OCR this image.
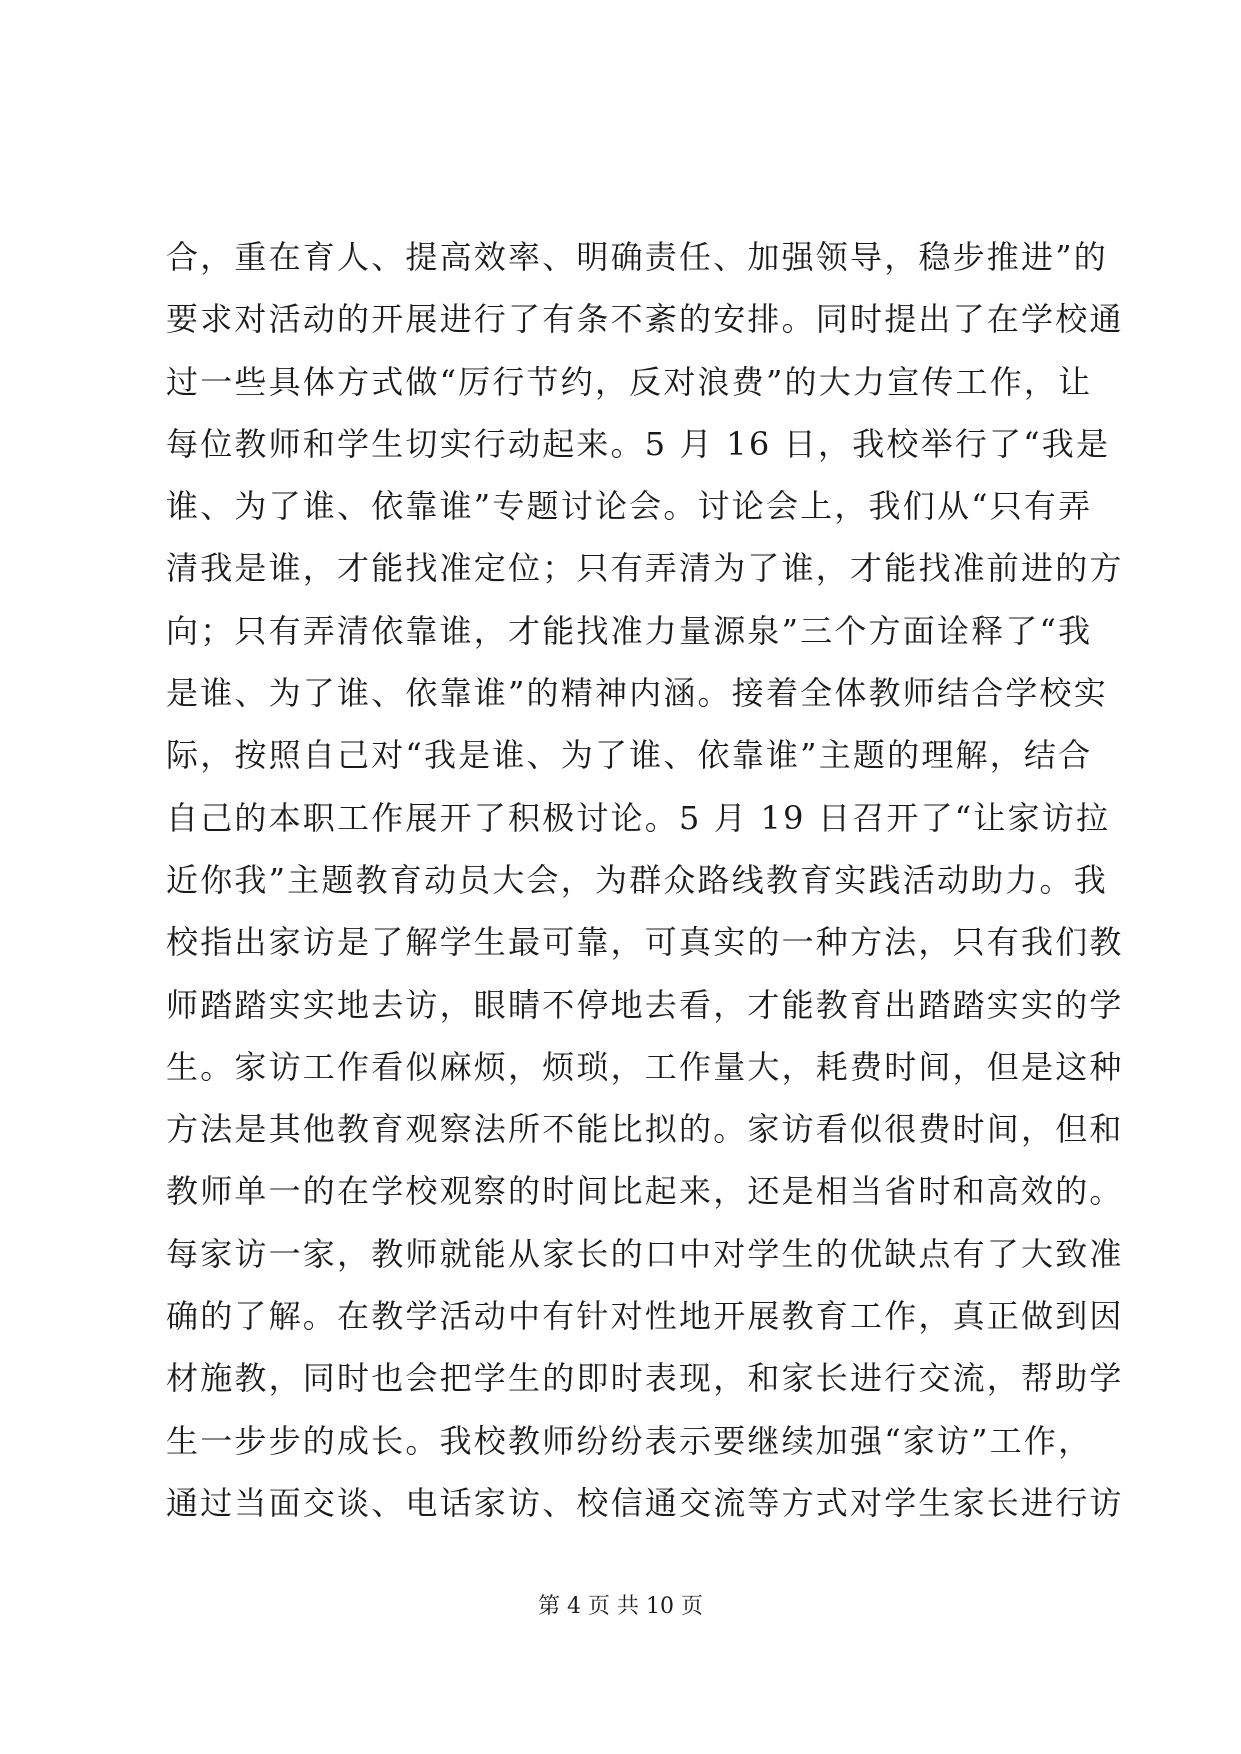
合，重在育人、提高效率、明确责任、加强领导，稳步推进”的
要求对活动的开展进行了有条不紊的安排。同时提出了在学校通
过一些具体方式做“厉行节约，反对浪费”的大力宣传工作，让
每位教师和学生切实行动起来。5 月 16 日，我校举行了“我是
谁、为了谁、依靠谁”专题讨论会。讨论会上，我们从“只有弄
清我是谁，才能找准定位；只有弄清为了谁，才能找准前进的方
向；只有弄清依靠谁，才能找准力量源泉”三个方面诠释了“我
是谁、为了谁、依靠谁”的精神内涵。接着全体教师结合学校实
际，按照自己对“我是谁、为了谁、依靠谁”主题的理解，结合
自己的本职工作展开了积极讨论。5 月 19 日召开了“让家访拉
近你我”主题教育动员大会，为群众路线教育实践活动助力。我
校指出家访是了解学生最可靠，可真实的一种方法，只有我们教
师踏踏实实地去访，眼睛不停地去看，才能教育出踏踏实实的学
生。家访工作看似麻烦，烦琐，工作量大，耗费时间，但是这种
方法是其他教育观察法所不能比拟的。家访看似很费时间，但和
教师单一的在学校观察的时间比起来，还是相当省时和高效的。
每家访一家，教师就能从家长的口中对学生的优缺点有了大致准
确的了解。在教学活动中有针对性地开展教育工作，真正做到因
材施教，同时也会把学生的即时表现，和家长进行交流，帮助学
生一步步的成长。我校教师纷纷表示要继续加强“家访”工作，
通过当面交谈、电话家访、校信通交流等方式对学生家长进行访
第 4 页 共 10 页
